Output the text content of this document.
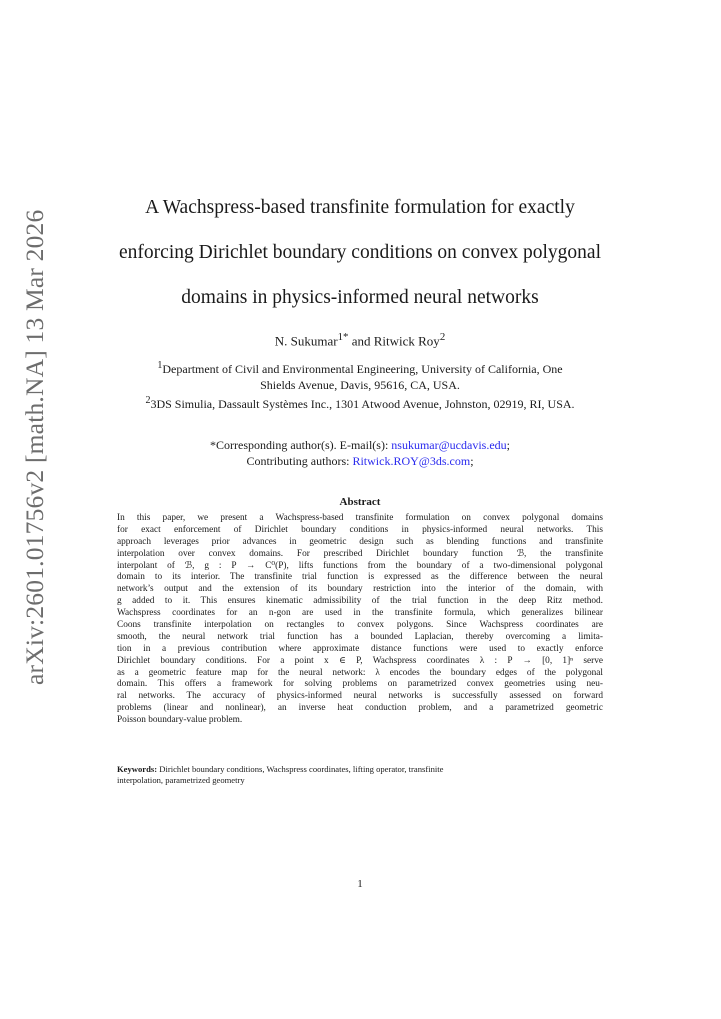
arXiv:2601.01756v2 [math.NA] 13 Mar 2026
A Wachspress-based transfinite formulation for exactly
enforcing Dirichlet boundary conditions on convex polygonal
domains in physics-informed neural networks
N. Sukumar$^{1*}$ and Ritwick Roy$^2$
$^1$Department of Civil and Environmental Engineering, University of California, One
Shields Avenue, Davis, 95616, CA, USA.
$^2$3DS Simulia, Dassault Systèmes Inc., 1301 Atwood Avenue, Johnston, 02919, RI, USA.
*Corresponding author(s). E-mail(s): nsukumar@ucdavis.edu;
Contributing authors: Ritwick.ROY@3ds.com;
Abstract
In this paper, we present a Wachspress-based transfinite formulation on convex polygonal domains
for exact enforcement of Dirichlet boundary conditions in physics-informed neural networks. This
approach leverages prior advances in geometric design such as blending functions and transfinite
interpolation over convex domains. For prescribed Dirichlet boundary function ℬ, the transfinite
interpolant of ℬ, g : P̄ → C⁰(P̄), lifts functions from the boundary of a two-dimensional polygonal
domain to its interior. The transfinite trial function is expressed as the difference between the neural
network’s output and the extension of its boundary restriction into the interior of the domain, with
g added to it. This ensures kinematic admissibility of the trial function in the deep Ritz method.
Wachspress coordinates for an n-gon are used in the transfinite formula, which generalizes bilinear
Coons transfinite interpolation on rectangles to convex polygons. Since Wachspress coordinates are
smooth, the neural network trial function has a bounded Laplacian, thereby overcoming a limita-
tion in a previous contribution where approximate distance functions were used to exactly enforce
Dirichlet boundary conditions. For a point x ∈ P̄, Wachspress coordinates λ : P̄ → [0, 1]ⁿ serve
as a geometric feature map for the neural network: λ encodes the boundary edges of the polygonal
domain. This offers a framework for solving problems on parametrized convex geometries using neu-
ral networks. The accuracy of physics-informed neural networks is successfully assessed on forward
problems (linear and nonlinear), an inverse heat conduction problem, and a parametrized geometric
Poisson boundary-value problem.
Keywords: Dirichlet boundary conditions, Wachspress coordinates, lifting operator, transfinite
interpolation, parametrized geometry
1
